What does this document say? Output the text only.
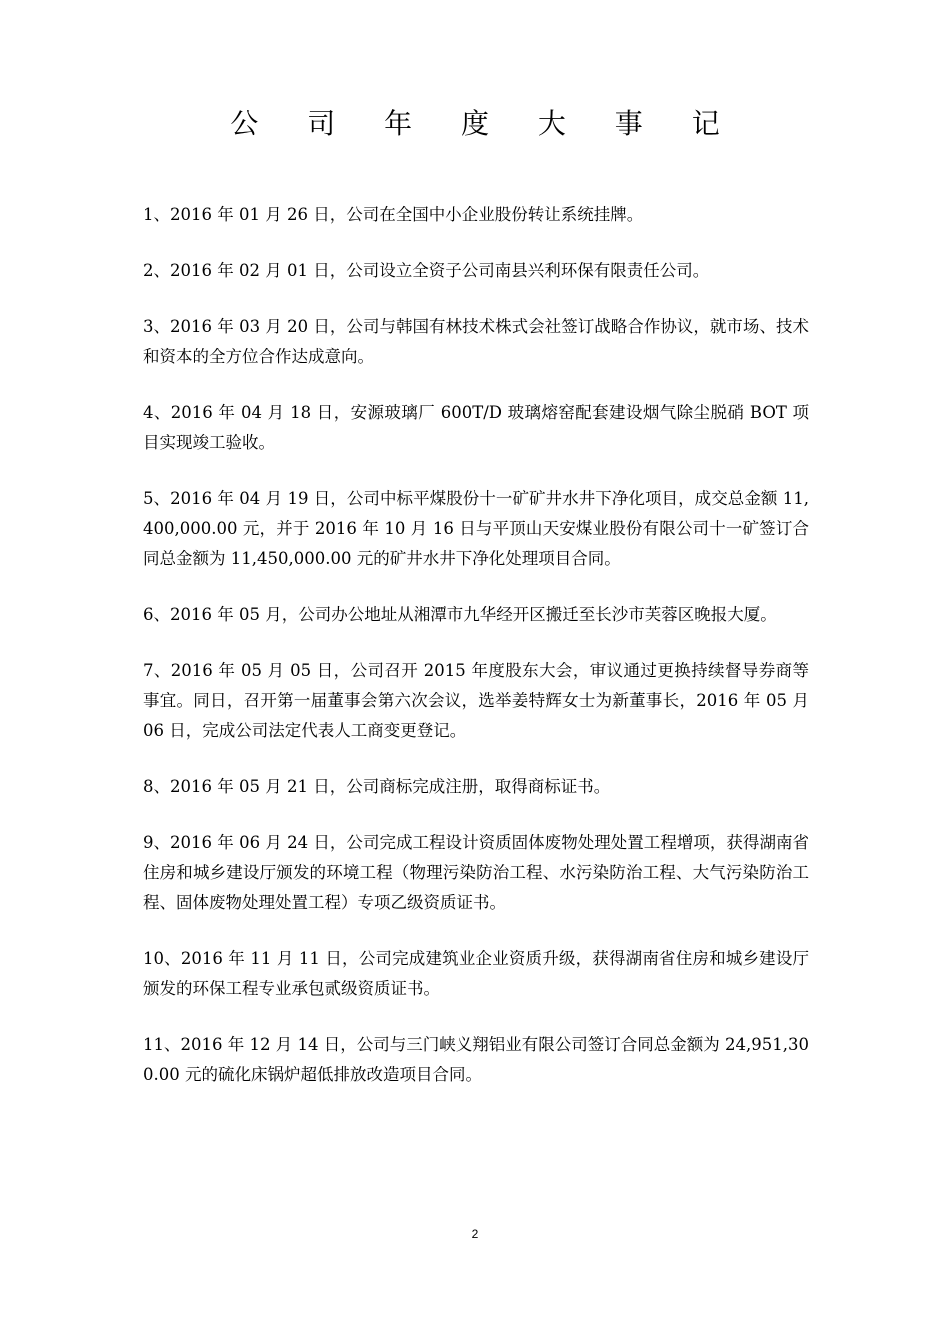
公 司 年 度 大 事 记
1、2016 年 01 月 26 日，公司在全国中小企业股份转让系统挂牌。
2、2016 年 02 月 01 日，公司设立全资子公司南县兴利环保有限责任公司。
3、2016 年 03 月 20 日，公司与韩国有林技术株式会社签订战略合作协议，就市场、技术和资本的全方位合作达成意向。
4、2016 年 04 月 18 日，安源玻璃厂 600T/D 玻璃熔窑配套建设烟气除尘脱硝 BOT 项目实现竣工验收。
5、2016 年 04 月 19 日，公司中标平煤股份十一矿矿井水井下净化项目，成交总金额 11,400,000.00 元，并于 2016 年 10 月 16 日与平顶山天安煤业股份有限公司十一矿签订合同总金额为 11,450,000.00 元的矿井水井下净化处理项目合同。
6、2016 年 05 月，公司办公地址从湘潭市九华经开区搬迁至长沙市芙蓉区晚报大厦。
7、2016 年 05 月 05 日，公司召开 2015 年度股东大会，审议通过更换持续督导券商等事宜。同日，召开第一届董事会第六次会议，选举姜特辉女士为新董事长，2016 年 05 月 06 日，完成公司法定代表人工商变更登记。
8、2016 年 05 月 21 日，公司商标完成注册，取得商标证书。
9、2016 年 06 月 24 日，公司完成工程设计资质固体废物处理处置工程增项，获得湖南省住房和城乡建设厅颁发的环境工程（物理污染防治工程、水污染防治工程、大气污染防治工程、固体废物处理处置工程）专项乙级资质证书。
10、2016 年 11 月 11 日，公司完成建筑业企业资质升级，获得湖南省住房和城乡建设厅颁发的环保工程专业承包贰级资质证书。
11、2016 年 12 月 14 日，公司与三门峡义翔铝业有限公司签订合同总金额为 24,951,300.00 元的硫化床锅炉超低排放改造项目合同。
2
